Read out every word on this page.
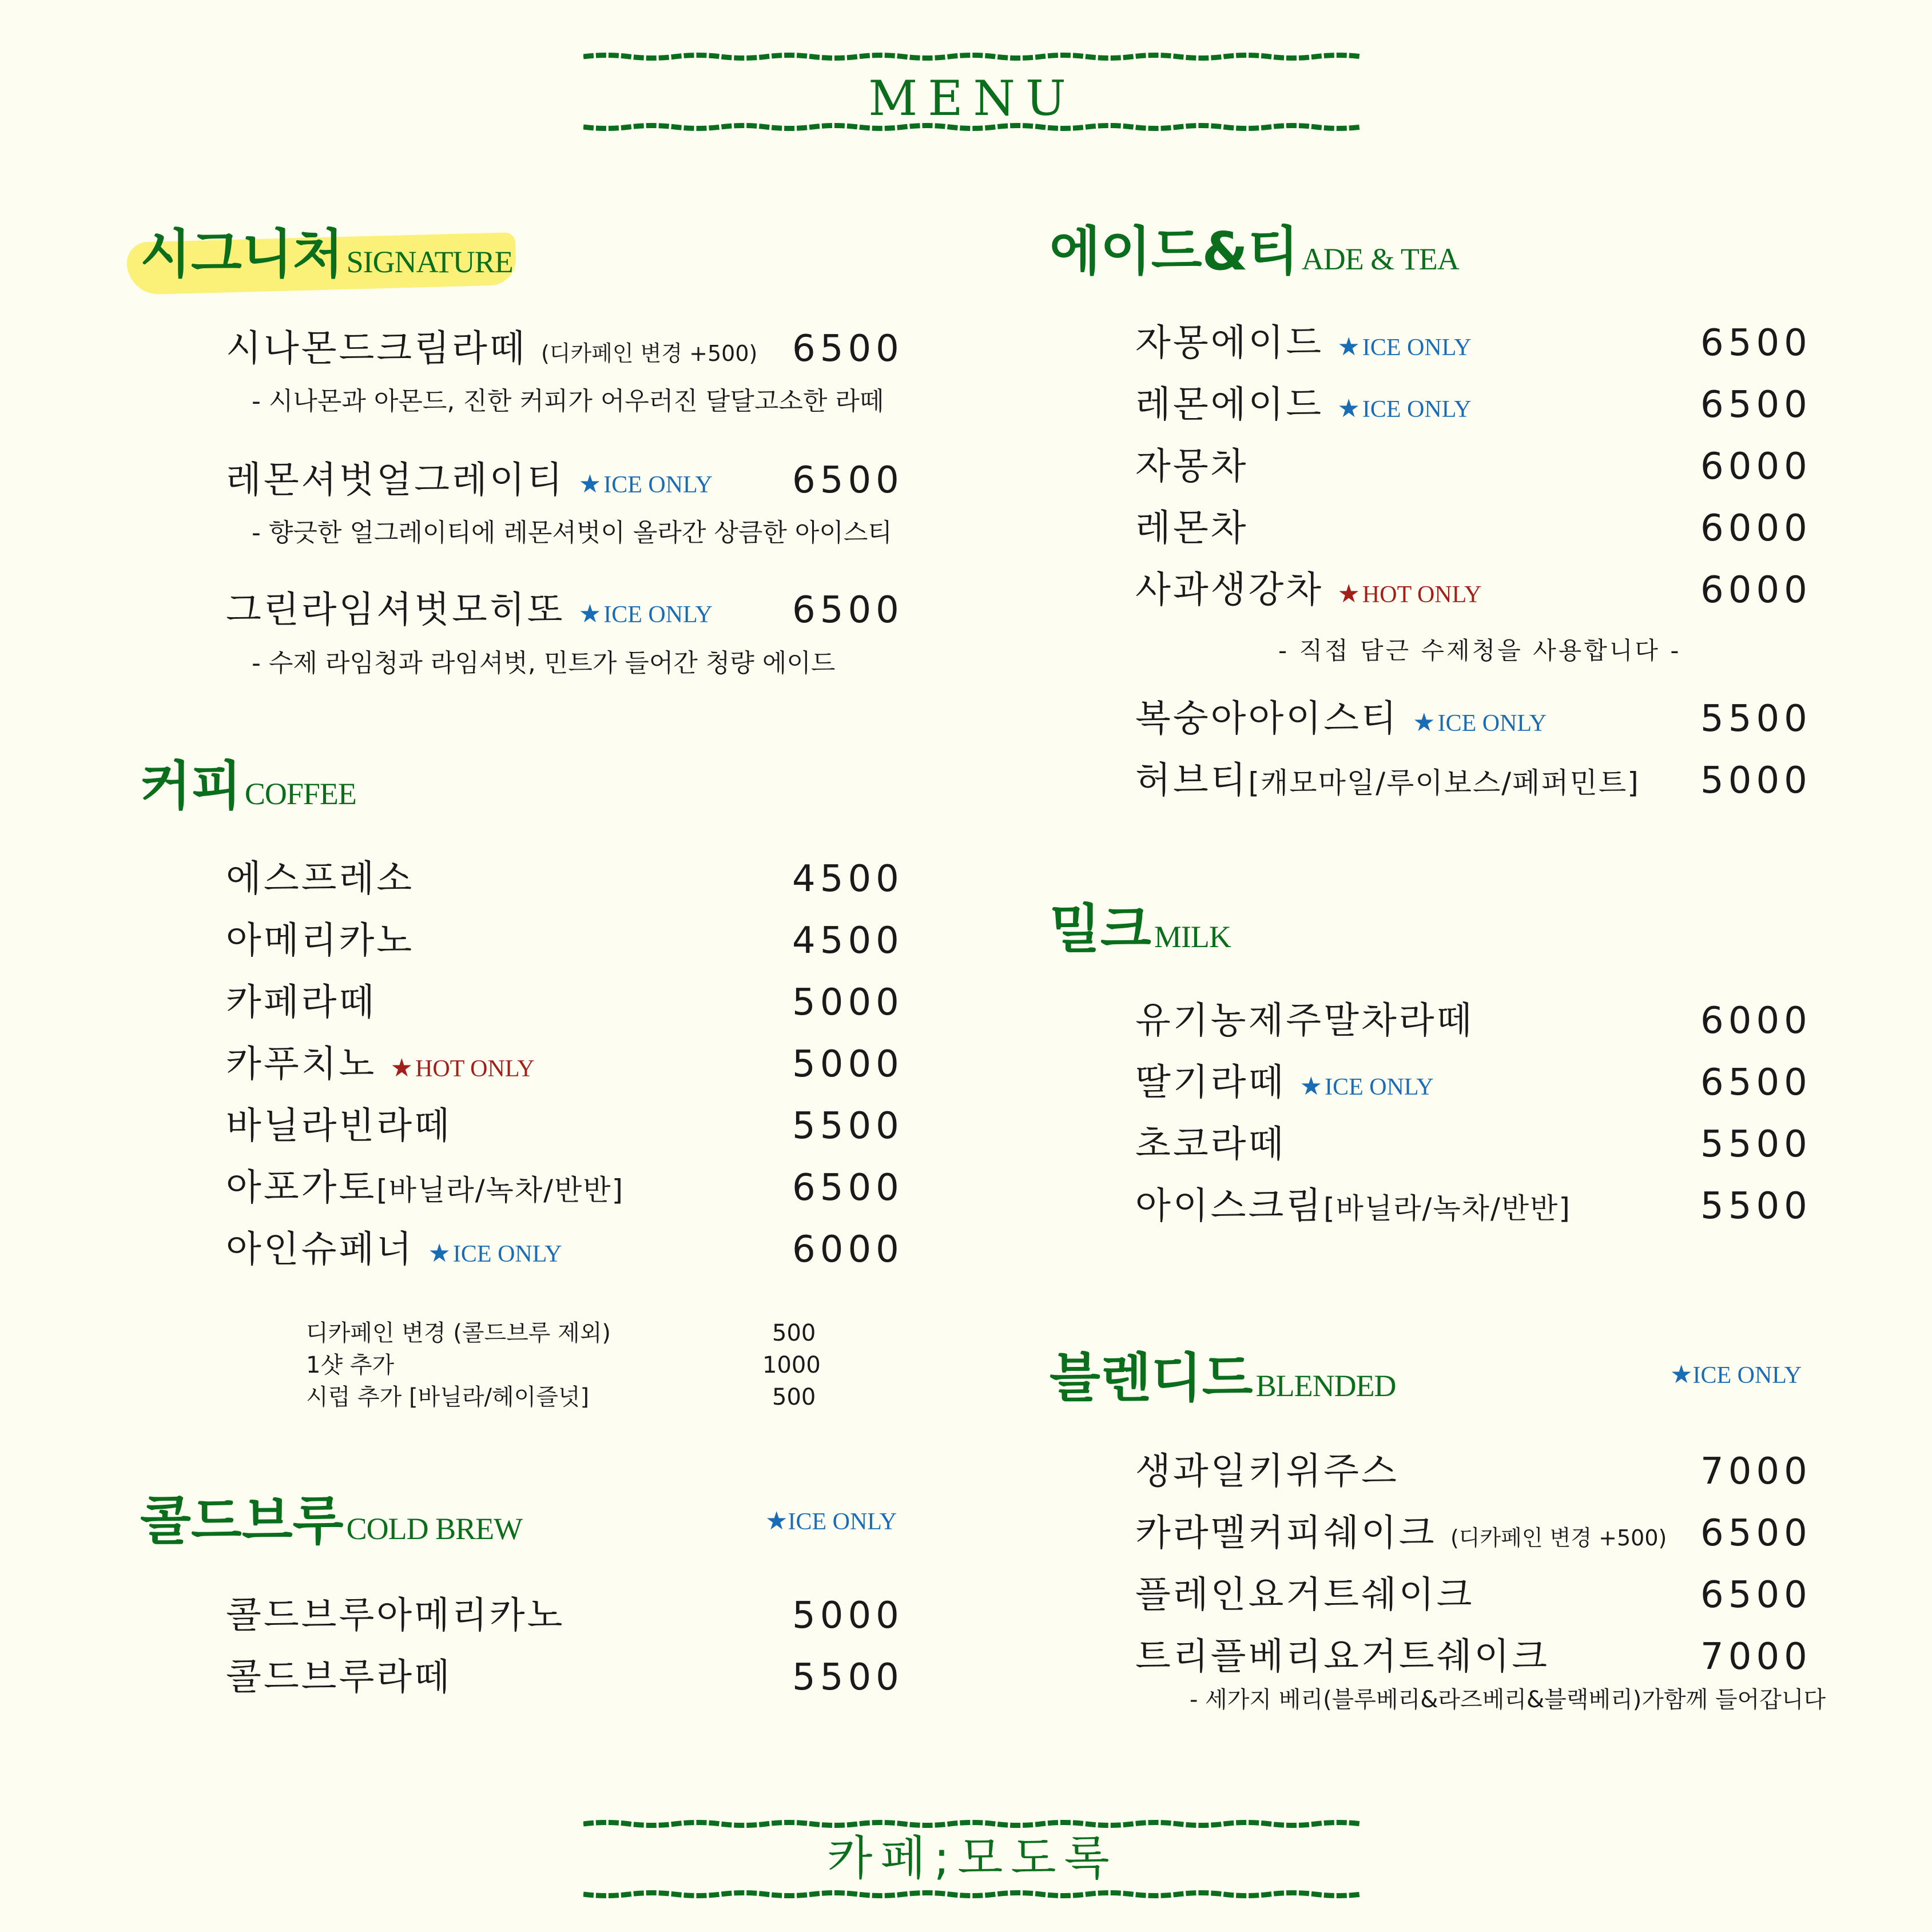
MENU
시그니처 SIGNATURE
시나몬드크림라떼 (디카페인 변경 +500) 6500
- 시나몬과 아몬드, 진한 커피가 어우러진 달달고소한 라떼
레몬셔벗얼그레이티 ★ICE ONLY 6500
- 향긋한 얼그레이티에 레몬셔벗이 올라간 상큼한 아이스티
그린라임셔벗모히또 ★ICE ONLY 6500
- 수제 라임청과 라임셔벗, 민트가 들어간 청량 에이드
커피 COFFEE
에스프레소	4500
아메리카노	4500
카페라떼	5000
카푸치노 ★HOT ONLY	5000
바닐라빈라떼	5500
아포가토[바닐라/녹차/반반]	6500
아인슈페너 ★ICE ONLY	6000
디카페인 변경 (콜드브루 제외)	500
1샷 추가	1000
시럽 추가 [바닐라/헤이즐넛]	500
콜드브루 COLD BREW	★ICE ONLY
콜드브루아메리카노	5000
콜드브루라떼	5500
에이드&티 ADE & TEA
자몽에이드 ★ICE ONLY	6500
레몬에이드 ★ICE ONLY	6500
자몽차	6000
레몬차	6000
사과생강차 ★HOT ONLY	6000
- 직접 담근 수제청을 사용합니다 -
복숭아아이스티 ★ICE ONLY	5500
허브티[캐모마일/루이보스/페퍼민트] 5000
밀크 MILK
유기농제주말차라떼	6000
딸기라떼 ★ICE ONLY	6500
초코라떼	5500
아이스크림[바닐라/녹차/반반]	5500
블렌디드 BLENDED	★ICE ONLY
생과일키위주스	7000
카라멜커피쉐이크 (디카페인 변경 +500) 6500
플레인요거트쉐이크	6500
트리플베리요거트쉐이크	7000
- 세가지 베리(블루베리&라즈베리&블랙베리)가함께 들어갑니다
카페;모도록
